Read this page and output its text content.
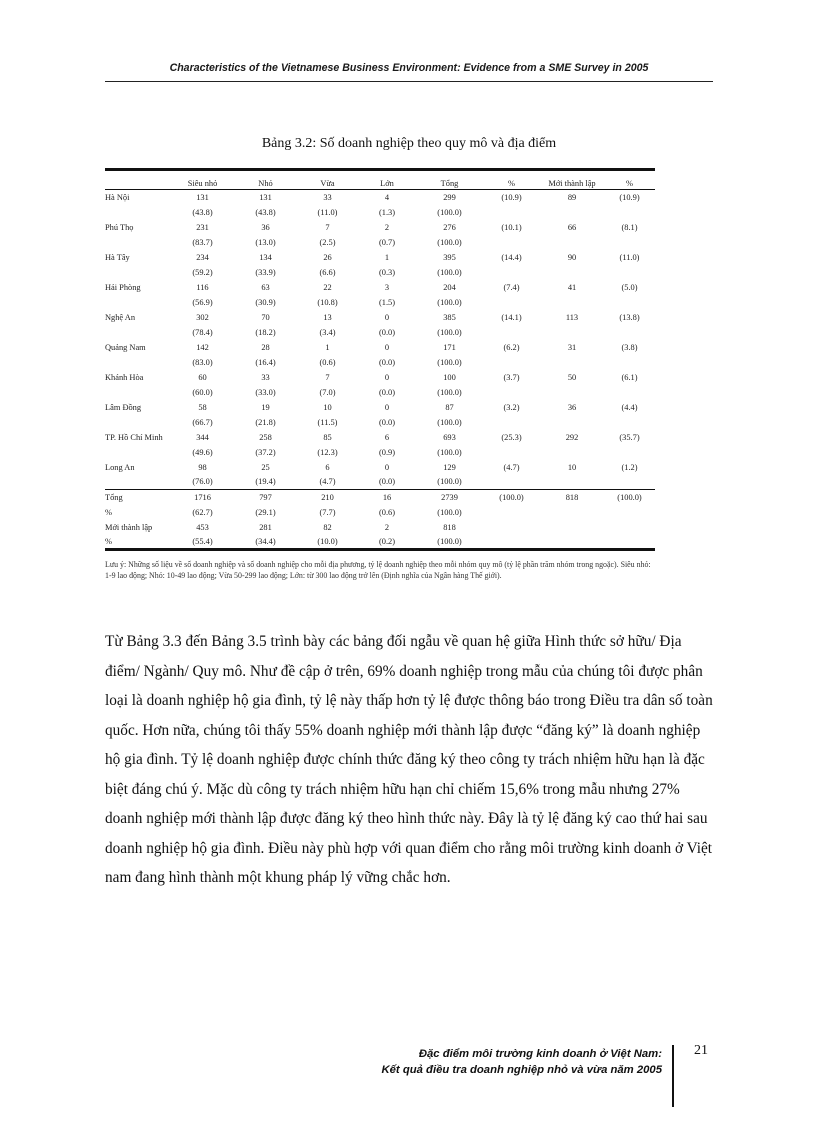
Characteristics of the Vietnamese Business Environment: Evidence from a SME Survey in 2005
Bảng 3.2: Số doanh nghiệp theo quy mô và địa điểm
	Siêu nhỏ	Nhỏ	Vừa	Lớn	Tổng	%	Mới thành lập	%
Hà Nội	131	131	33	4	299	(10.9)	89	(10.9)
	(43.8)	(43.8)	(11.0)	(1.3)	(100.0)			
Phú Thọ	231	36	7	2	276	(10.1)	66	(8.1)
	(83.7)	(13.0)	(2.5)	(0.7)	(100.0)			
Hà Tây	234	134	26	1	395	(14.4)	90	(11.0)
	(59.2)	(33.9)	(6.6)	(0.3)	(100.0)			
Hải Phòng	116	63	22	3	204	(7.4)	41	(5.0)
	(56.9)	(30.9)	(10.8)	(1.5)	(100.0)			
Nghệ An	302	70	13	0	385	(14.1)	113	(13.8)
	(78.4)	(18.2)	(3.4)	(0.0)	(100.0)			
Quảng Nam	142	28	1	0	171	(6.2)	31	(3.8)
	(83.0)	(16.4)	(0.6)	(0.0)	(100.0)			
Khánh Hòa	60	33	7	0	100	(3.7)	50	(6.1)
	(60.0)	(33.0)	(7.0)	(0.0)	(100.0)			
Lâm Đồng	58	19	10	0	87	(3.2)	36	(4.4)
	(66.7)	(21.8)	(11.5)	(0.0)	(100.0)			
TP. Hồ Chí Minh	344	258	85	6	693	(25.3)	292	(35.7)
	(49.6)	(37.2)	(12.3)	(0.9)	(100.0)			
Long An	98	25	6	0	129	(4.7)	10	(1.2)
	(76.0)	(19.4)	(4.7)	(0.0)	(100.0)			
Tổng	1716	797	210	16	2739	(100.0)	818	(100.0)
%	(62.7)	(29.1)	(7.7)	(0.6)	(100.0)			
Mới thành lập	453	281	82	2	818			
%	(55.4)	(34.4)	(10.0)	(0.2)	(100.0)			
Lưu ý: Những số liệu về số doanh nghiệp và số doanh nghiệp cho mỗi địa phương, tỷ lệ doanh nghiệp theo mỗi nhóm quy mô (tỷ lệ phần trăm nhóm trong ngoặc). Siêu nhỏ: 1-9 lao động; Nhỏ: 10-49 lao động; Vừa 50-299 lao động; Lớn: từ 300 lao động trở lên (Định nghĩa của Ngân hàng Thế giới).

Từ Bảng 3.3 đến Bảng 3.5 trình bày các bảng đối ngẫu về quan hệ giữa Hình thức sở hữu/ Địa điểm/ Ngành/ Quy mô. Như đề cập ở trên, 69% doanh nghiệp trong mẫu của chúng tôi được phân loại là doanh nghiệp hộ gia đình, tỷ lệ này thấp hơn tỷ lệ được thông báo trong Điều tra dân số toàn quốc. Hơn nữa, chúng tôi thấy 55% doanh nghiệp mới thành lập được “đăng ký” là doanh nghiệp hộ gia đình. Tỷ lệ doanh nghiệp được chính thức đăng ký theo công ty trách nhiệm hữu hạn là đặc biệt đáng chú ý. Mặc dù công ty trách nhiệm hữu hạn chỉ chiếm 15,6% trong mẫu nhưng 27% doanh nghiệp mới thành lập được đăng ký theo hình thức này. Đây là tỷ lệ đăng ký cao thứ hai sau doanh nghiệp hộ gia đình. Điều này phù hợp với quan điểm cho rằng môi trường kinh doanh ở Việt nam đang hình thành một khung pháp lý vững chắc hơn.

Đặc điểm môi trường kinh doanh ở Việt Nam:
Kết quả điều tra doanh nghiệp nhỏ và vừa năm 2005
21
